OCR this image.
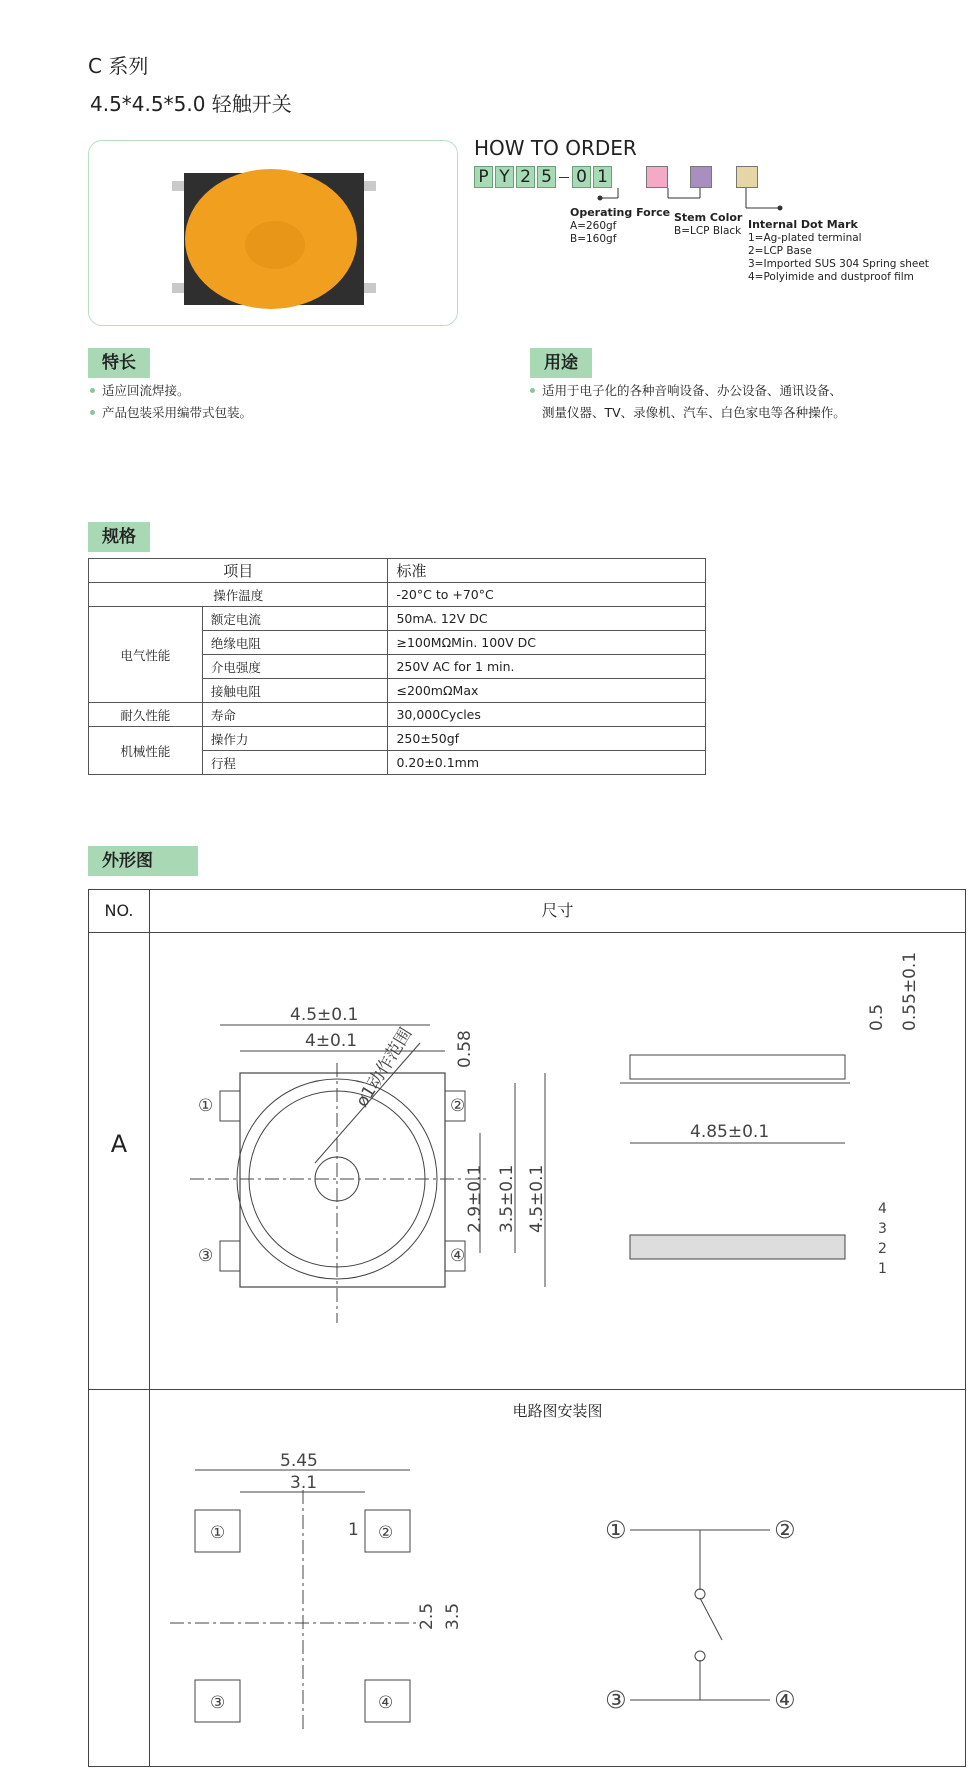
C 系列
4.5*4.5*5.0 轻触开关
HOW TO ORDER
P Y 2 5 0 1
Operating Force
A=260gf
B=160gf
Stem Color
B=LCP Black Internal Dot Mark
1=Ag-plated terminal
2=LCP Base
3=Imported SUS 304 Spring sheet
4=Polyimide and dustproof film
特长
适应回流焊接。
产品包装采用编带式包装。
用途
适用于电子化的各种音响设备、办公设备、通讯设备、
测量仪器、TV、录像机、汽车、白色家电等各种操作。
规格
项目		标准
操作温度		-20°C to +70°C
电气性能	额定电流	50mA. 12V DC
	绝缘电阻	≥100MΩMin. 100V DC
	介电强度	250V AC for 1 min.
	接触电阻	≤200mΩMax
耐久性能	寿命	30,000Cycles
机械性能	操作力	250±50gf
	行程	0.20±0.1mm
外形图
NO.	尺寸
A
电路图安装图
4.5±0.1
4±0.1
ø1动作范围 0.58
2.9±0.1 3.5±0.1 4.5±0.1
①	②
③	④
4.85±0.1
0.5 0.55±0.1
4
3
2
1
5.45
3.1
1
2.5 3.5
①	②
③	④
①	②
③	④
